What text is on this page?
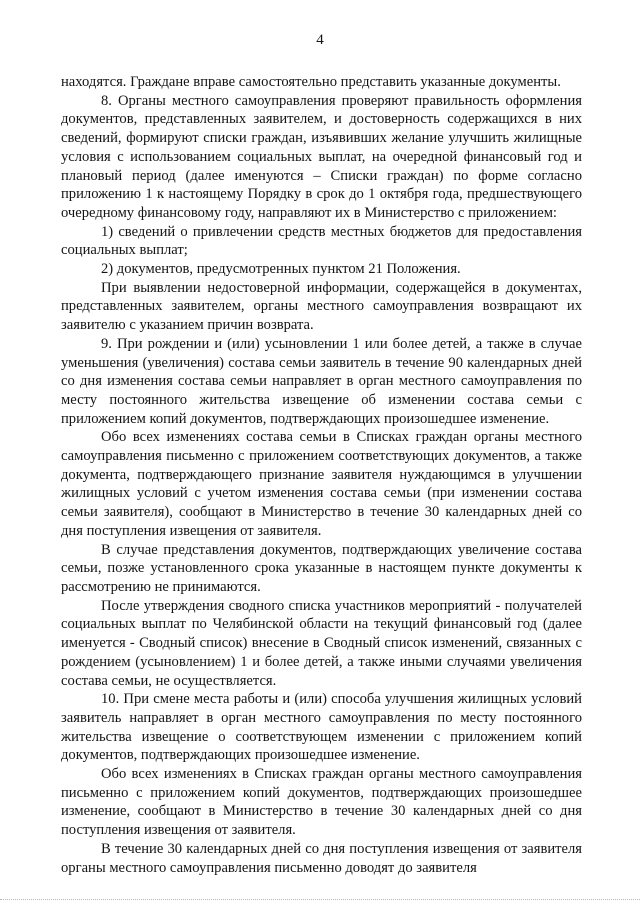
4

находятся. Граждане вправе самостоятельно представить указанные документы.

8. Органы местного самоуправления проверяют правильность оформления документов, представленных заявителем, и достоверность содержащихся в них сведений, формируют списки граждан, изъявивших желание улучшить жилищные условия с использованием социальных выплат, на очередной финансовый год и плановый период (далее именуются – Списки граждан) по форме согласно приложению 1 к настоящему Порядку в срок до 1 октября года, предшествующего очередному финансовому году, направляют их в Министерство с приложением:

1) сведений о привлечении средств местных бюджетов для предоставления социальных выплат;

2) документов, предусмотренных пунктом 21 Положения.

При выявлении недостоверной информации, содержащейся в документах, представленных заявителем, органы местного самоуправления возвращают их заявителю с указанием причин возврата.

9. При рождении и (или) усыновлении 1 или более детей, а также в случае уменьшения (увеличения) состава семьи заявитель в течение 90 календарных дней со дня изменения состава семьи направляет в орган местного самоуправления по месту постоянного жительства извещение об изменении состава семьи с приложением копий документов, подтверждающих произошедшее изменение.

Обо всех изменениях состава семьи в Списках граждан органы местного самоуправления письменно с приложением соответствующих документов, а также документа, подтверждающего признание заявителя нуждающимся в улучшении жилищных условий с учетом изменения состава семьи (при изменении состава семьи заявителя), сообщают в Министерство в течение 30 календарных дней со дня поступления извещения от заявителя.

В случае представления документов, подтверждающих увеличение состава семьи, позже установленного срока указанные в настоящем пункте документы к рассмотрению не принимаются.

После утверждения сводного списка участников мероприятий - получателей социальных выплат по Челябинской области на текущий финансовый год (далее именуется - Сводный список) внесение в Сводный список изменений, связанных с рождением (усыновлением) 1 и более детей, а также иными случаями увеличения состава семьи, не осуществляется.

10. При смене места работы и (или) способа улучшения жилищных условий заявитель направляет в орган местного самоуправления по месту постоянного жительства извещение о соответствующем изменении с приложением копий документов, подтверждающих произошедшее изменение.

Обо всех изменениях в Списках граждан органы местного самоуправления письменно с приложением копий документов, подтверждающих произошедшее изменение, сообщают в Министерство в течение 30 календарных дней со дня поступления извещения от заявителя.

В течение 30 календарных дней со дня поступления извещения от заявителя органы местного самоуправления письменно доводят до заявителя
